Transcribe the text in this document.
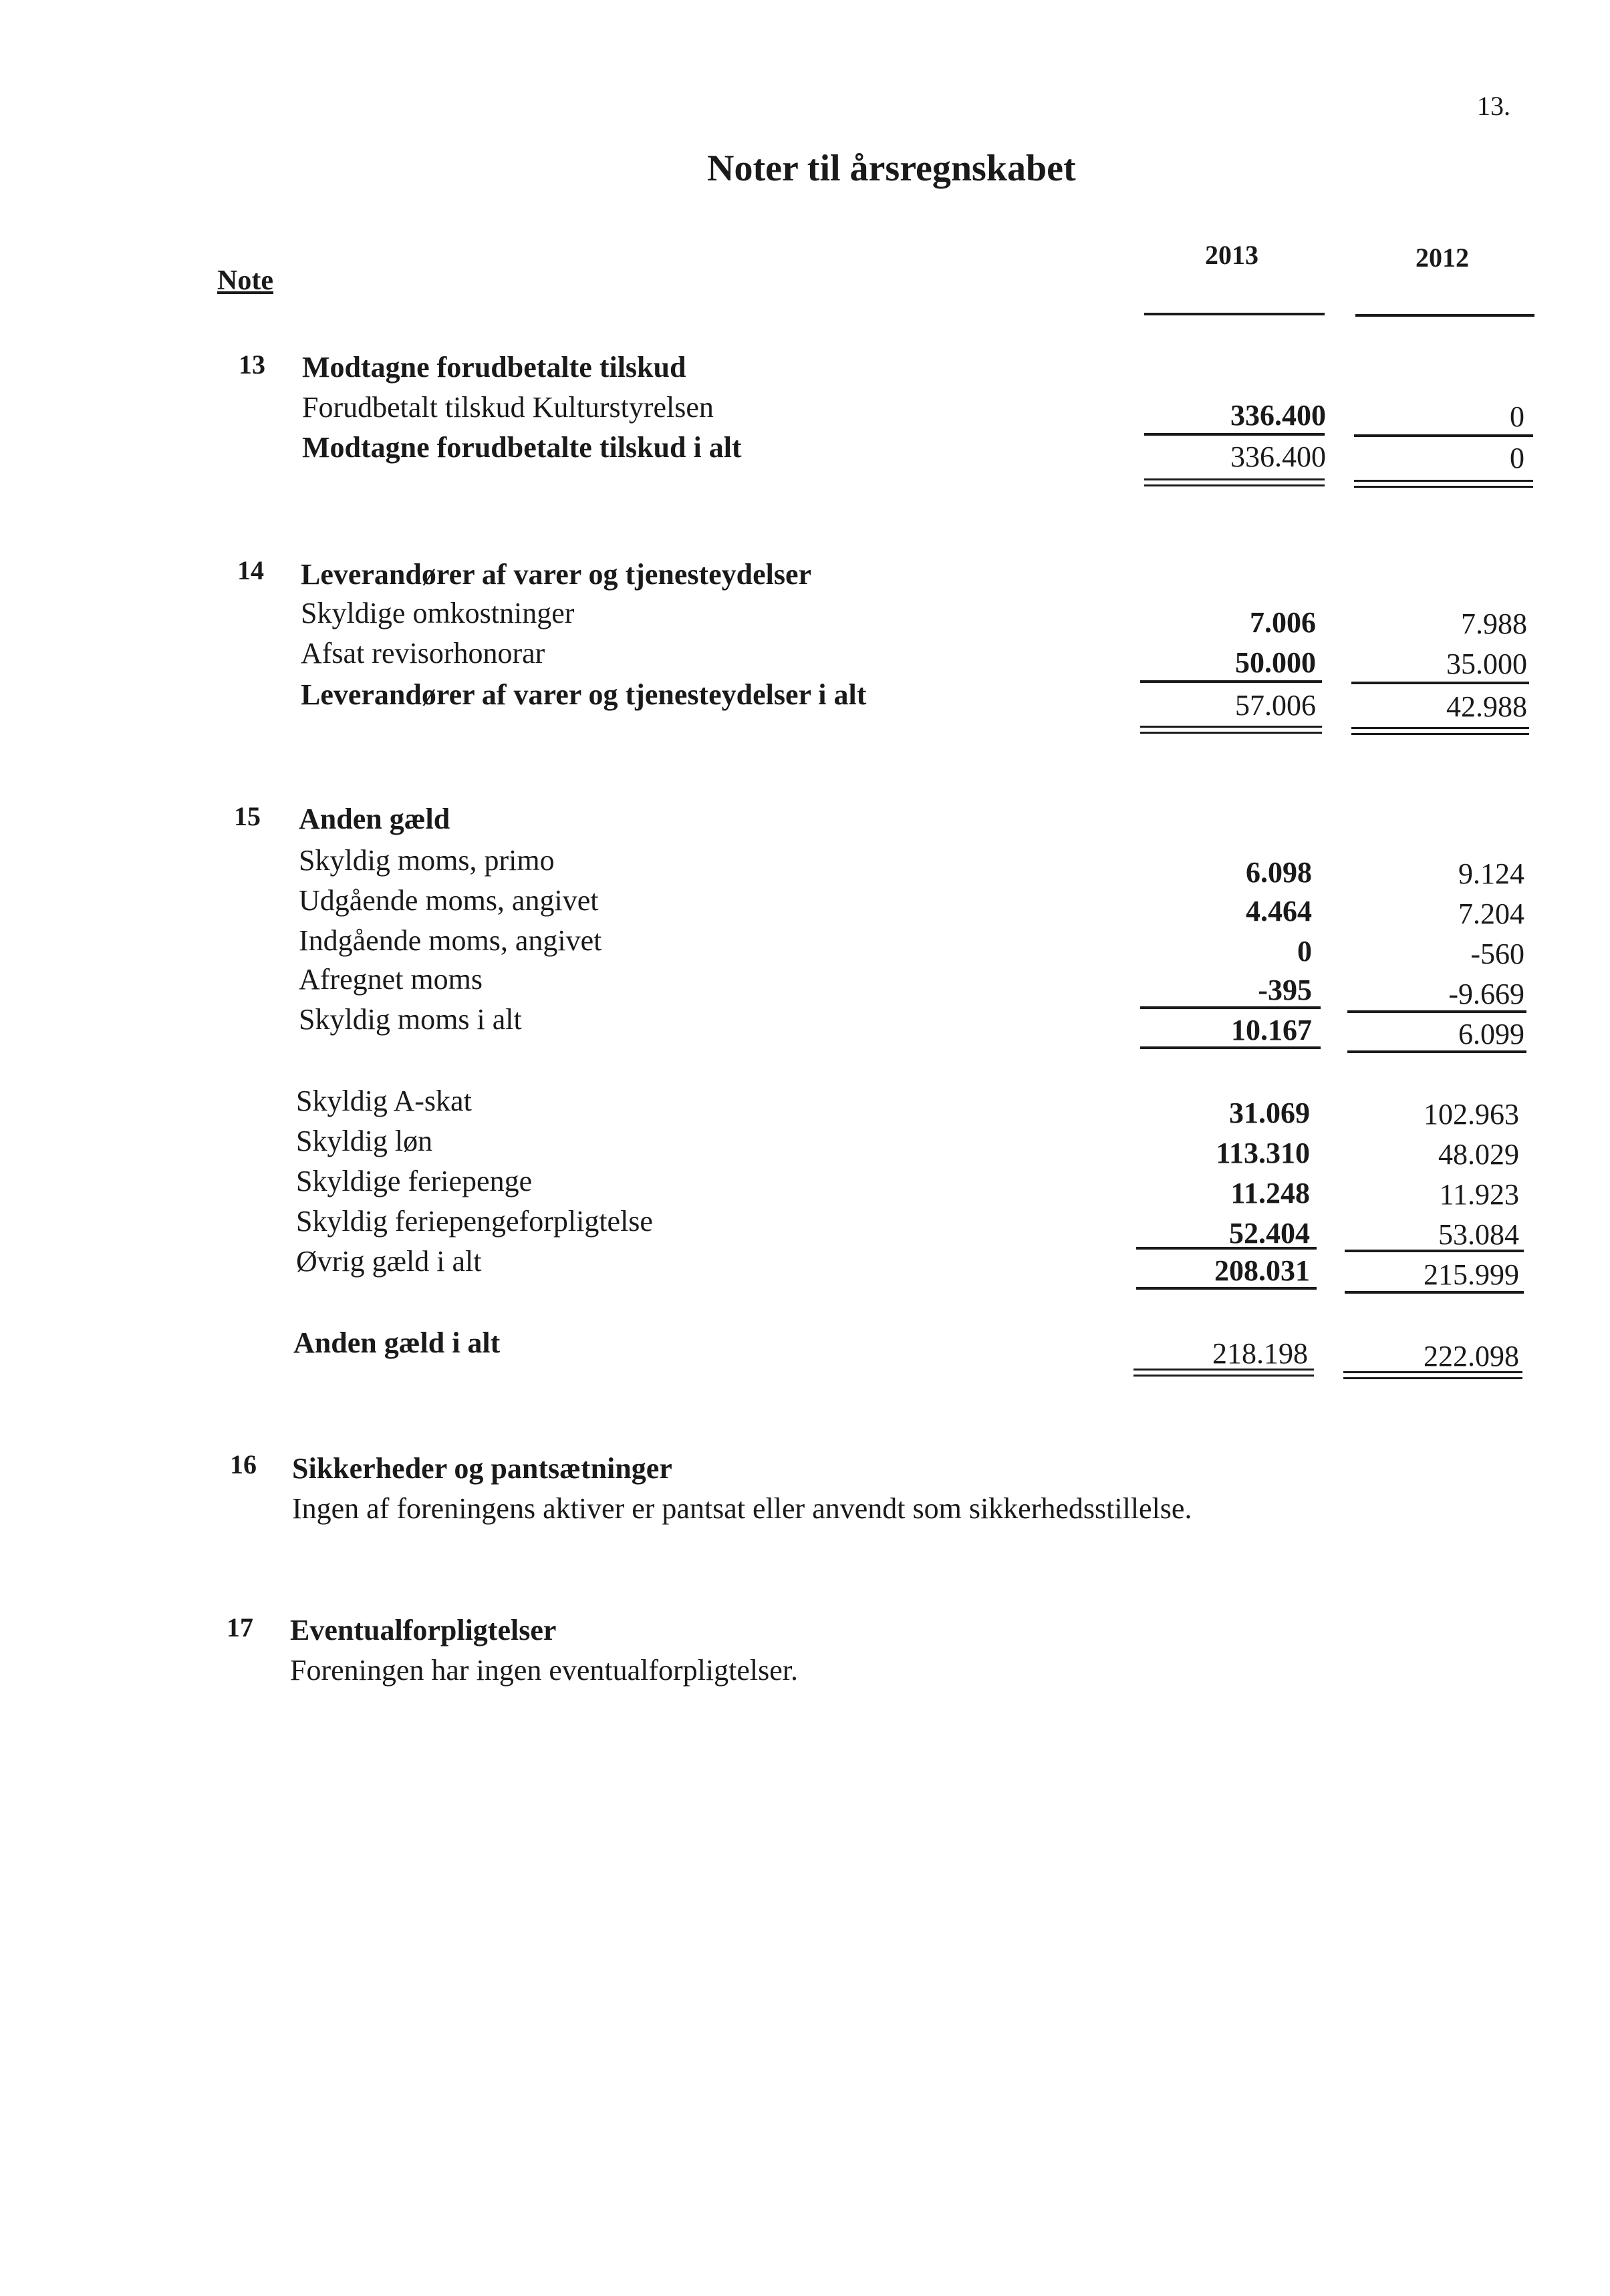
13.
Noter til årsregnskabet
Note
2013	2012
13 Modtagne forudbetalte tilskud
Forudbetalt tilskud Kulturstyrelsen	336.400	0
Modtagne forudbetalte tilskud i alt	336.400	0
14 Leverandører af varer og tjenesteydelser
Skyldige omkostninger	7.006	7.988
Afsat revisorhonorar	50.000	35.000
Leverandører af varer og tjenesteydelser i alt	57.006	42.988
15 Anden gæld
Skyldig moms, primo	6.098	9.124
Udgående moms, angivet	4.464	7.204
Indgående moms, angivet	0	-560
Afregnet moms	-395	-9.669
Skyldig moms i alt	10.167	6.099
Skyldig A-skat	31.069	102.963
Skyldig løn	113.310	48.029
Skyldige feriepenge	11.248	11.923
Skyldig feriepengeforpligtelse	52.404	53.084
Øvrig gæld i alt	208.031	215.999
Anden gæld i alt	218.198	222.098
16 Sikkerheder og pantsætninger
Ingen af foreningens aktiver er pantsat eller anvendt som sikkerhedsstillelse.
17 Eventualforpligtelser
Foreningen har ingen eventualforpligtelser.
